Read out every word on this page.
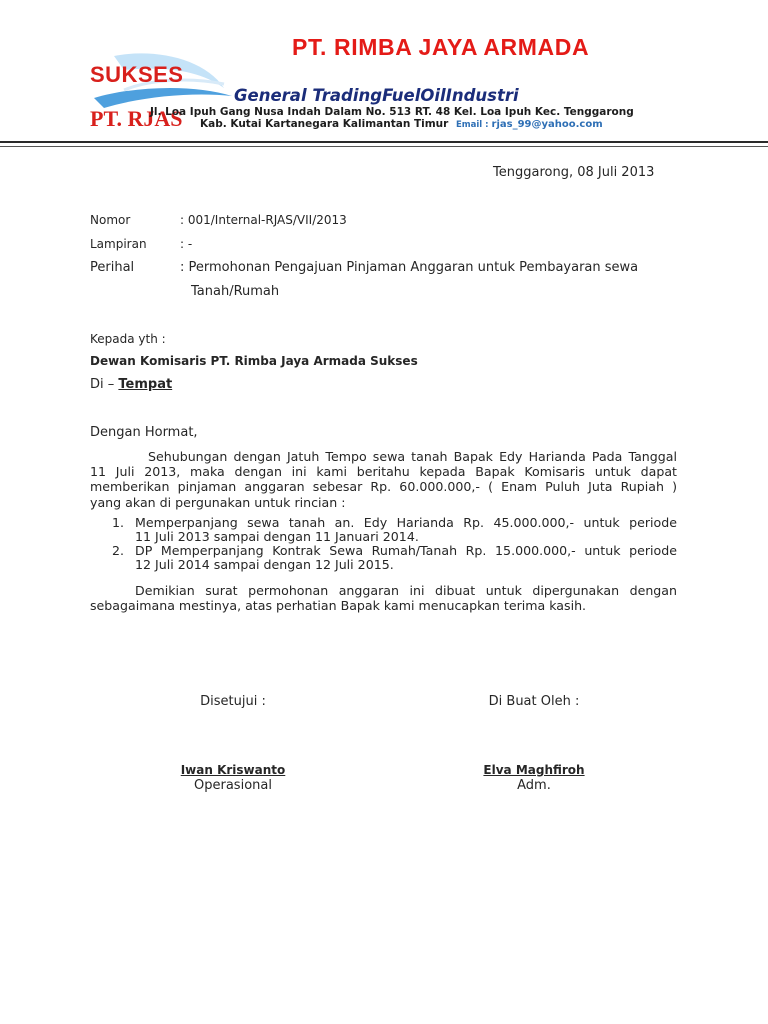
SUKSES
PT. RJAS
PT. RIMBA JAYA ARMADA
General TradingFuelOilIndustri
Jl. Loa Ipuh Gang Nusa Indah Dalam No. 513 RT. 48 Kel. Loa Ipuh Kec. Tenggarong
Kab. Kutai Kartanegara Kalimantan Timur Email : rjas_99@yahoo.com
Tenggarong, 08 Juli 2013
Nomor	: 001/Internal-RJAS/VII/2013
Lampiran	: -
Perihal	: Permohonan Pengajuan Pinjaman Anggaran untuk Pembayaran sewa
Tanah/Rumah
Kepada yth :
Dewan Komisaris PT. Rimba Jaya Armada Sukses
Di – Tempat
Dengan Hormat,
Sehubungan dengan Jatuh Tempo sewa tanah Bapak Edy Harianda Pada Tanggal
11 Juli 2013, maka dengan ini kami beritahu kepada Bapak Komisaris untuk dapat
memberikan pinjaman anggaran sebesar Rp. 60.000.000,- ( Enam Puluh Juta Rupiah )
yang akan di pergunakan untuk rincian :
1. Memperpanjang sewa tanah an. Edy Harianda Rp. 45.000.000,- untuk periode
11 Juli 2013 sampai dengan 11 Januari 2014.
2. DP Memperpanjang Kontrak Sewa Rumah/Tanah Rp. 15.000.000,- untuk periode
12 Juli 2014 sampai dengan 12 Juli 2015.
Demikian surat permohonan anggaran ini dibuat untuk dipergunakan dengan
sebagaimana mestinya, atas perhatian Bapak kami menucapkan terima kasih.
Disetujui :
Iwan Kriswanto
Operasional
Di Buat Oleh :
Elva Maghfiroh
Adm.
